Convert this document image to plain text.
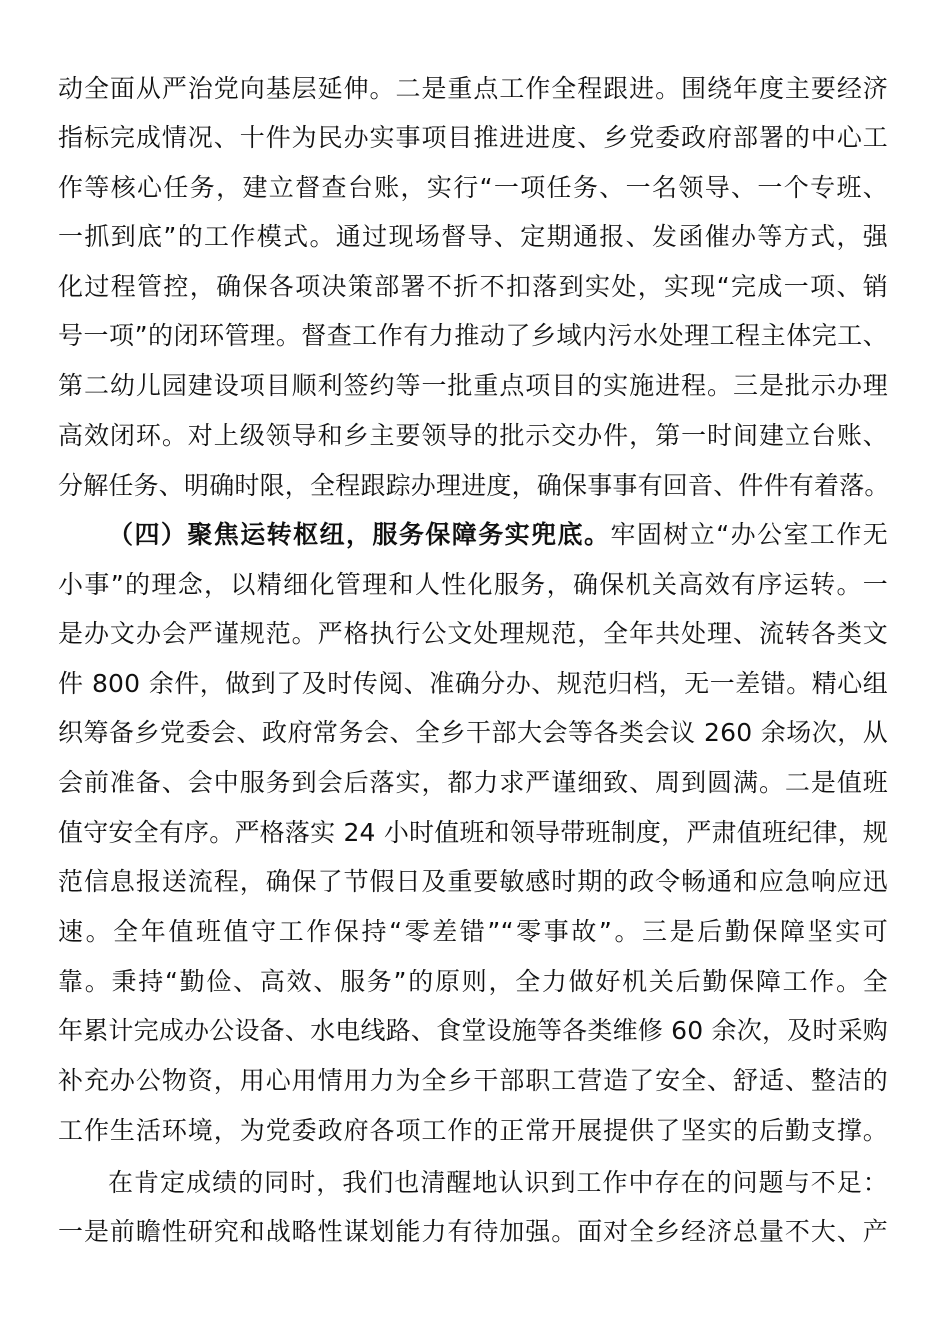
动全面从严治党向基层延伸。二是重点工作全程跟进。围绕年度主要经济
指标完成情况、十件为民办实事项目推进进度、乡党委政府部署的中心工
作等核心任务，建立督查台账，实行“一项任务、一名领导、一个专班、
一抓到底”的工作模式。通过现场督导、定期通报、发函催办等方式，强
化过程管控，确保各项决策部署不折不扣落到实处，实现“完成一项、销
号一项”的闭环管理。督查工作有力推动了乡域内污水处理工程主体完工、
第二幼儿园建设项目顺利签约等一批重点项目的实施进程。三是批示办理
高效闭环。对上级领导和乡主要领导的批示交办件，第一时间建立台账、
分解任务、明确时限，全程跟踪办理进度，确保事事有回音、件件有着落。
（四）聚焦运转枢纽，服务保障务实兜底。牢固树立“办公室工作无
小事”的理念，以精细化管理和人性化服务，确保机关高效有序运转。一
是办文办会严谨规范。严格执行公文处理规范，全年共处理、流转各类文
件 800 余件，做到了及时传阅、准确分办、规范归档，无一差错。精心组
织筹备乡党委会、政府常务会、全乡干部大会等各类会议 260 余场次，从
会前准备、会中服务到会后落实，都力求严谨细致、周到圆满。二是值班
值守安全有序。严格落实 24 小时值班和领导带班制度，严肃值班纪律，规
范信息报送流程，确保了节假日及重要敏感时期的政令畅通和应急响应迅
速。全年值班值守工作保持“零差错”“零事故”。三是后勤保障坚实可
靠。秉持“勤俭、高效、服务”的原则，全力做好机关后勤保障工作。全
年累计完成办公设备、水电线路、食堂设施等各类维修 60 余次，及时采购
补充办公物资，用心用情用力为全乡干部职工营造了安全、舒适、整洁的
工作生活环境，为党委政府各项工作的正常开展提供了坚实的后勤支撑。
在肯定成绩的同时，我们也清醒地认识到工作中存在的问题与不足：
一是前瞻性研究和战略性谋划能力有待加强。面对全乡经济总量不大、产
